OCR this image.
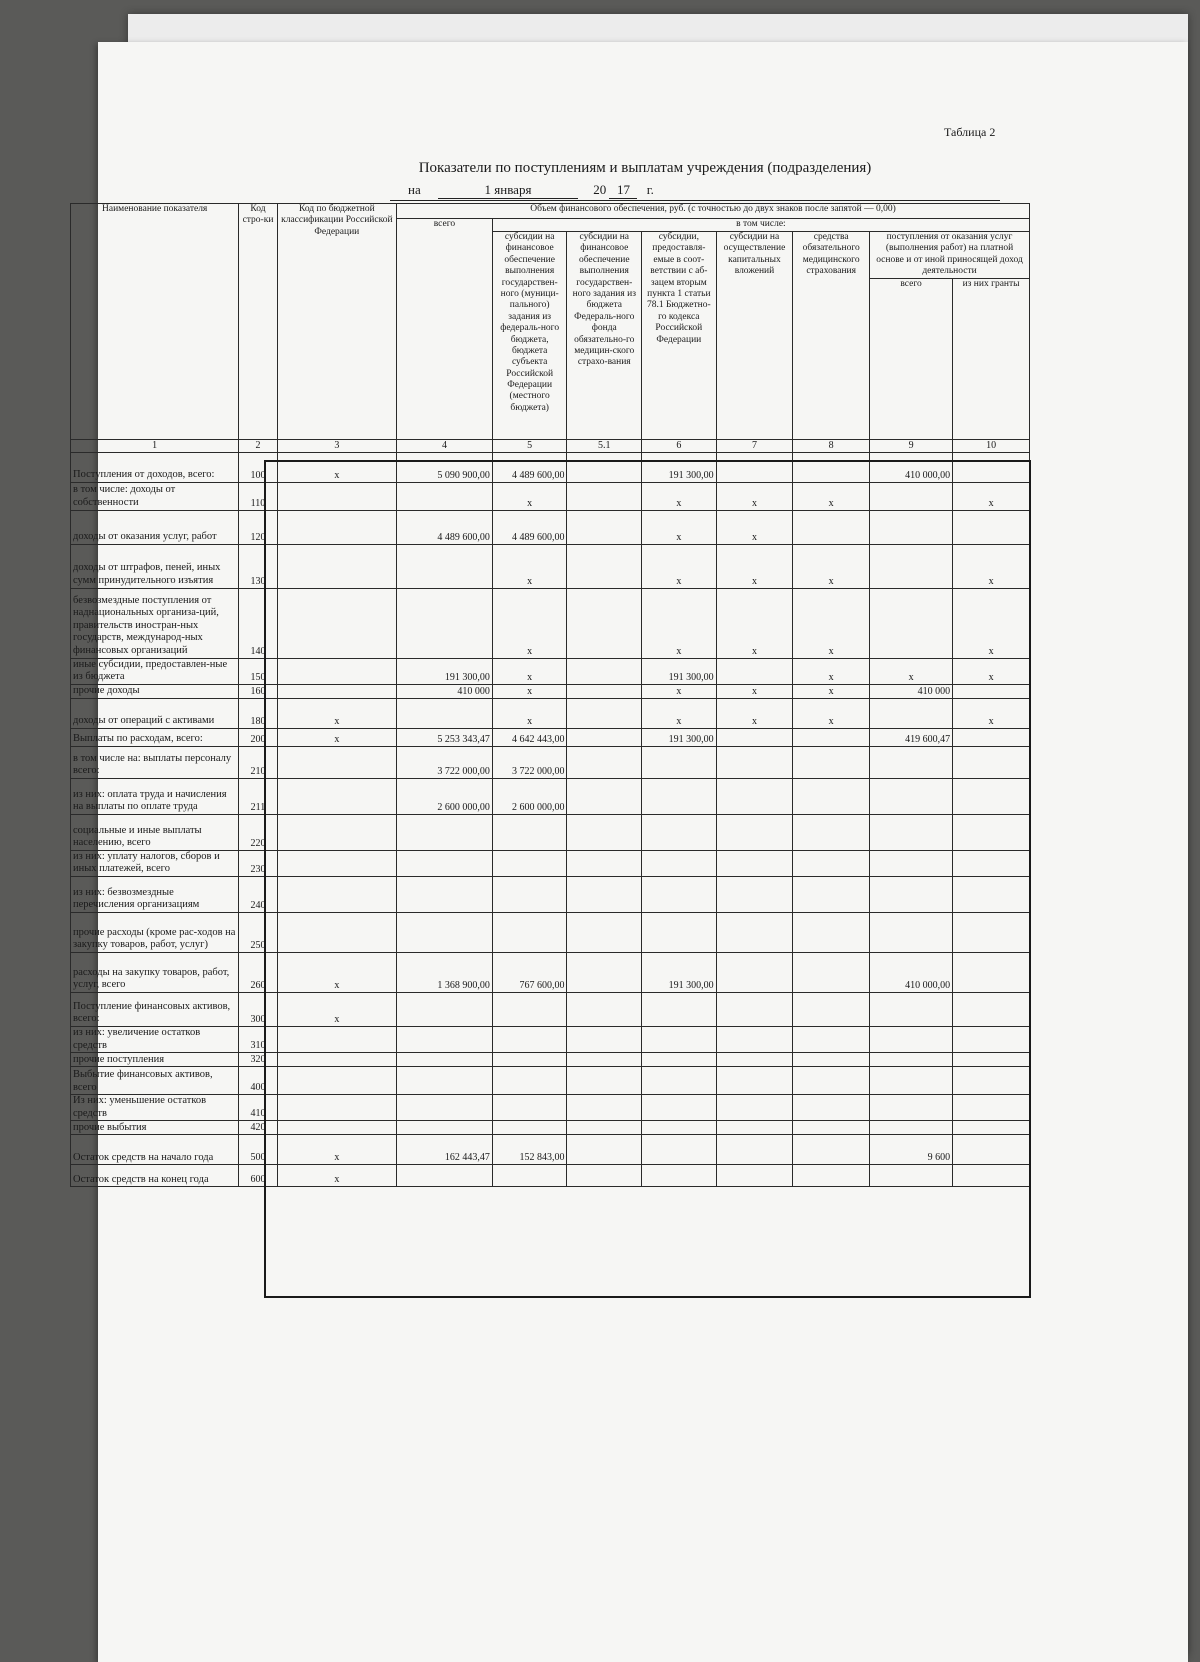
Таблица 2
Показатели по поступлениям и выплатам учреждения (подразделения)
на	1 января	20 17 г.
Наименование показателя	Код стро-ки	Код по бюджетной классификации Российской Федерации	Объем финансового обеспечения, руб. (с точностью до двух знаков после запятой — 0,00)							
			всего	в том числе:						
				субсидии на финансовое обеспечение выполнения государствен-ного (муници-пального) задания из федераль-ного бюджета, бюджета субъекта Российской Федерации (местного бюджета)	субсидии на финансовое обеспечение выполнения государствен-ного задания из бюджета Федераль-ного фонда обязательно-го медицин-ского страхо-вания	субсидии, предоставля-емые в соот-ветствии с аб-зацем вторым пункта 1 статьи 78.1 Бюджетно-го кодекса Российской Федерации	субсидии на осуществление капитальных вложений	средства обязательного медицинского страхования	поступления от оказания услуг (выполнения работ) на платной основе и от иной приносящей доход деятельности	
									всего	из них гранты
1	2	3	4	5	5.1	6	7	8	9	10
Поступления от доходов, всего:	100	x	5 090 900,00	4 489 600,00		191 300,00			410 000,00	
в том числе: доходы от собственности	110			x		x	x	x		x
доходы от оказания услуг, работ	120		4 489 600,00	4 489 600,00		x	x			
доходы от штрафов, пеней, иных сумм принудительного изъятия	130			x		x	x	x		x
безвозмездные поступления от наднациональных организа-ций, правительств иностран-ных государств, международ-ных финансовых организаций	140			x		x	x	x		x
иные субсидии, предоставлен-ные из бюджета	150		191 300,00	x		191 300,00		x	x	x
прочие доходы	160		410 000	x		x	x	x	410 000	
доходы от операций с активами	180	x		x		x	x	x		x
Выплаты по расходам, всего:	200	x	5 253 343,47	4 642 443,00		191 300,00			419 600,47	
в том числе на: выплаты персоналу всего:	210		3 722 000,00	3 722 000,00						
из них: оплата труда и начисления на выплаты по оплате труда	211		2 600 000,00	2 600 000,00						
социальные и иные выплаты населению, всего	220									
из них: уплату налогов, сборов и иных платежей, всего	230									
из них: безвозмездные перечисления организациям	240									
прочие расходы (кроме рас-ходов на закупку товаров, работ, услуг)	250									
расходы на закупку товаров, работ, услуг, всего	260	x	1 368 900,00	767 600,00		191 300,00			410 000,00	
Поступление финансовых активов, всего:	300	x								
из них: увеличение остатков средств	310									
прочие поступления	320									
Выбытие финансовых активов, всего	400									
Из них: уменьшение остатков средств	410									
прочие выбытия	420									
Остаток средств на начало года	500	x	162 443,47	152 843,00					9 600	
Остаток средств на конец года	600	x								
